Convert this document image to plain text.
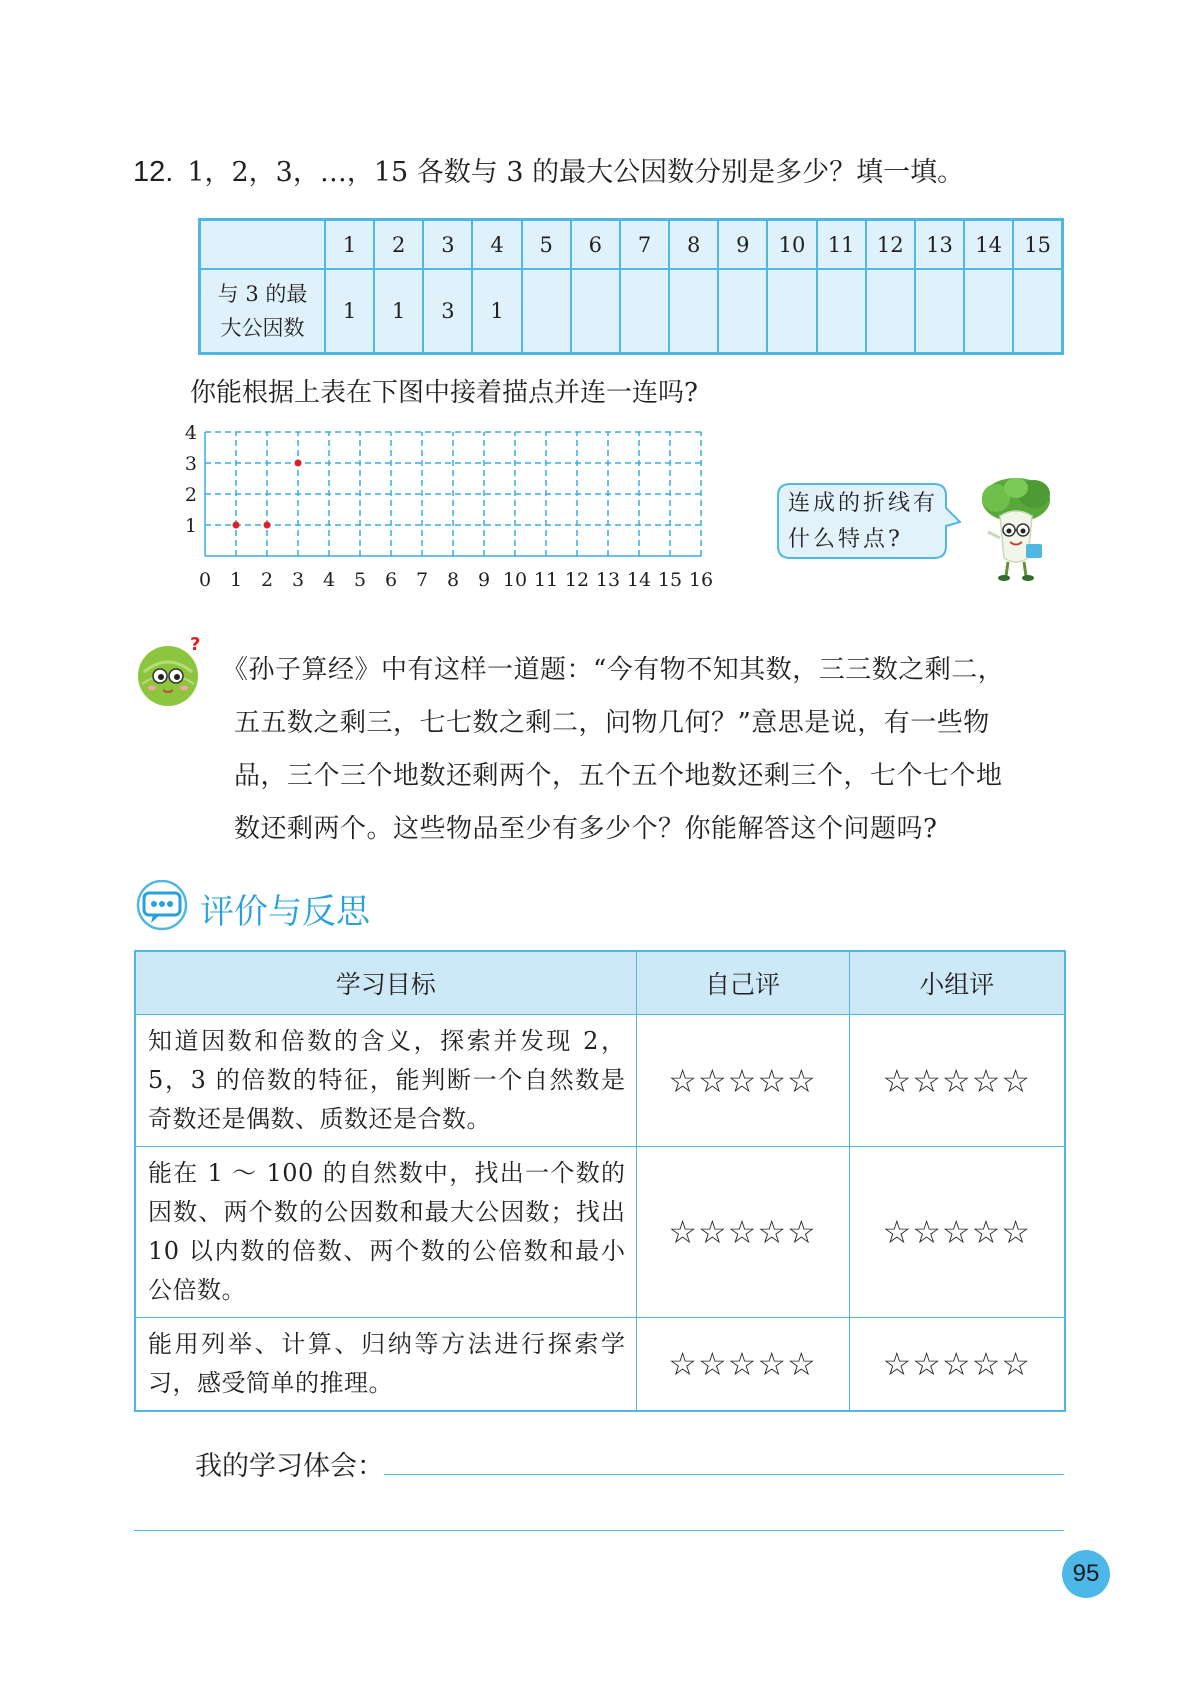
12. 1，2，3，…，15 各数与 3 的最大公因数分别是多少？填一填。
	1	2	3	4	5	6	7	8	9	10	11	12	13	14	15
与 3 的最
大公因数	1	1	3	1											
你能根据上表在下图中接着描点并连一连吗?
0 1 2 3 4 5 6 7 8 9 10 11 12 13 14 15 16
1
2
3
4
连成的折线有
什么特点?
?
《孙子算经》中有这样一道题：“今有物不知其数，三三数之剩二，
五五数之剩三，七七数之剩二，问物几何？”意思是说，有一些物
品，三个三个地数还剩两个，五个五个地数还剩三个，七个七个地
数还剩两个。这些物品至少有多少个？你能解答这个问题吗?
评价与反思
学习目标	自己评	小组评
知道因数和倍数的含义，探索并发现 2，5，3 的倍数的特征，能判断一个自然数是奇数还是偶数、质数还是合数。	☆☆☆☆☆	☆☆☆☆☆
能在 1 ～ 100 的自然数中，找出一个数的因数、两个数的公因数和最大公因数；找出 10 以内数的倍数、两个数的公倍数和最小公倍数。	☆☆☆☆☆	☆☆☆☆☆
能用列举、计算、归纳等方法进行探索学习，感受简单的推理。	☆☆☆☆☆	☆☆☆☆☆
我的学习体会：
95
